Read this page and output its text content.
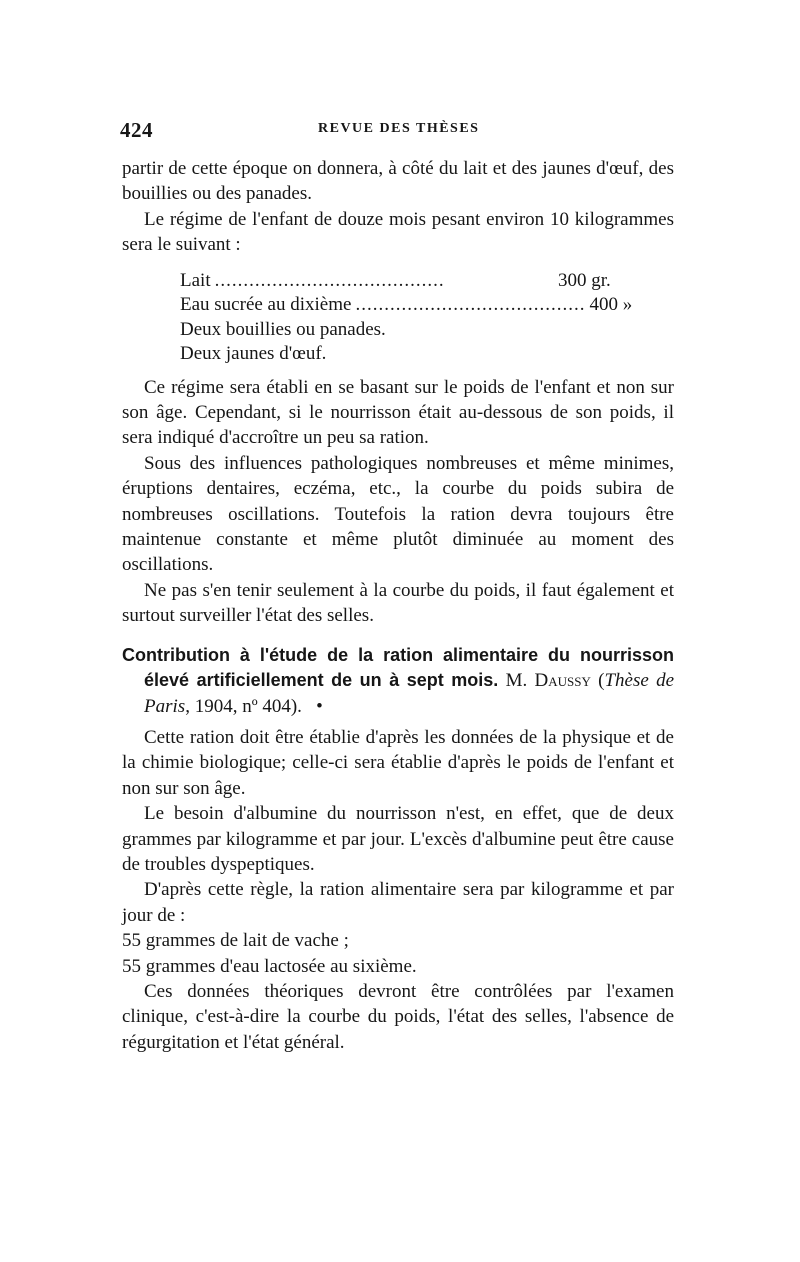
424	REVUE DES THÈSES

partir de cette époque on donnera, à côté du lait et des jaunes d'œuf, des bouillies ou des panades.

Le régime de l'enfant de douze mois pesant environ 10 kilogrammes sera le suivant :

Lait ........................................	300 gr.
Eau sucrée au dixième ........................................ 400 »
Deux bouillies ou panades.
Deux jaunes d'œuf.

Ce régime sera établi en se basant sur le poids de l'enfant et non sur son âge. Cependant, si le nourrisson était au-dessous de son poids, il sera indiqué d'accroître un peu sa ration.

Sous des influences pathologiques nombreuses et même minimes, éruptions dentaires, eczéma, etc., la courbe du poids subira de nombreuses oscillations. Toutefois la ration devra toujours être maintenue constante et même plutôt diminuée au moment des oscillations.

Ne pas s'en tenir seulement à la courbe du poids, il faut également et surtout surveiller l'état des selles.

Contribution à l'étude de la ration alimentaire du nourrisson élevé artificiellement de un à sept mois. M. Daussy (Thèse de Paris, 1904, nº 404). •

Cette ration doit être établie d'après les données de la physique et de la chimie biologique; celle-ci sera établie d'après le poids de l'enfant et non sur son âge.

Le besoin d'albumine du nourrisson n'est, en effet, que de deux grammes par kilogramme et par jour. L'excès d'albumine peut être cause de troubles dyspeptiques.

D'après cette règle, la ration alimentaire sera par kilogramme et par jour de :

55 grammes de lait de vache ;

55 grammes d'eau lactosée au sixième.

Ces données théoriques devront être contrôlées par l'examen clinique, c'est-à-dire la courbe du poids, l'état des selles, l'absence de régurgitation et l'état général.
